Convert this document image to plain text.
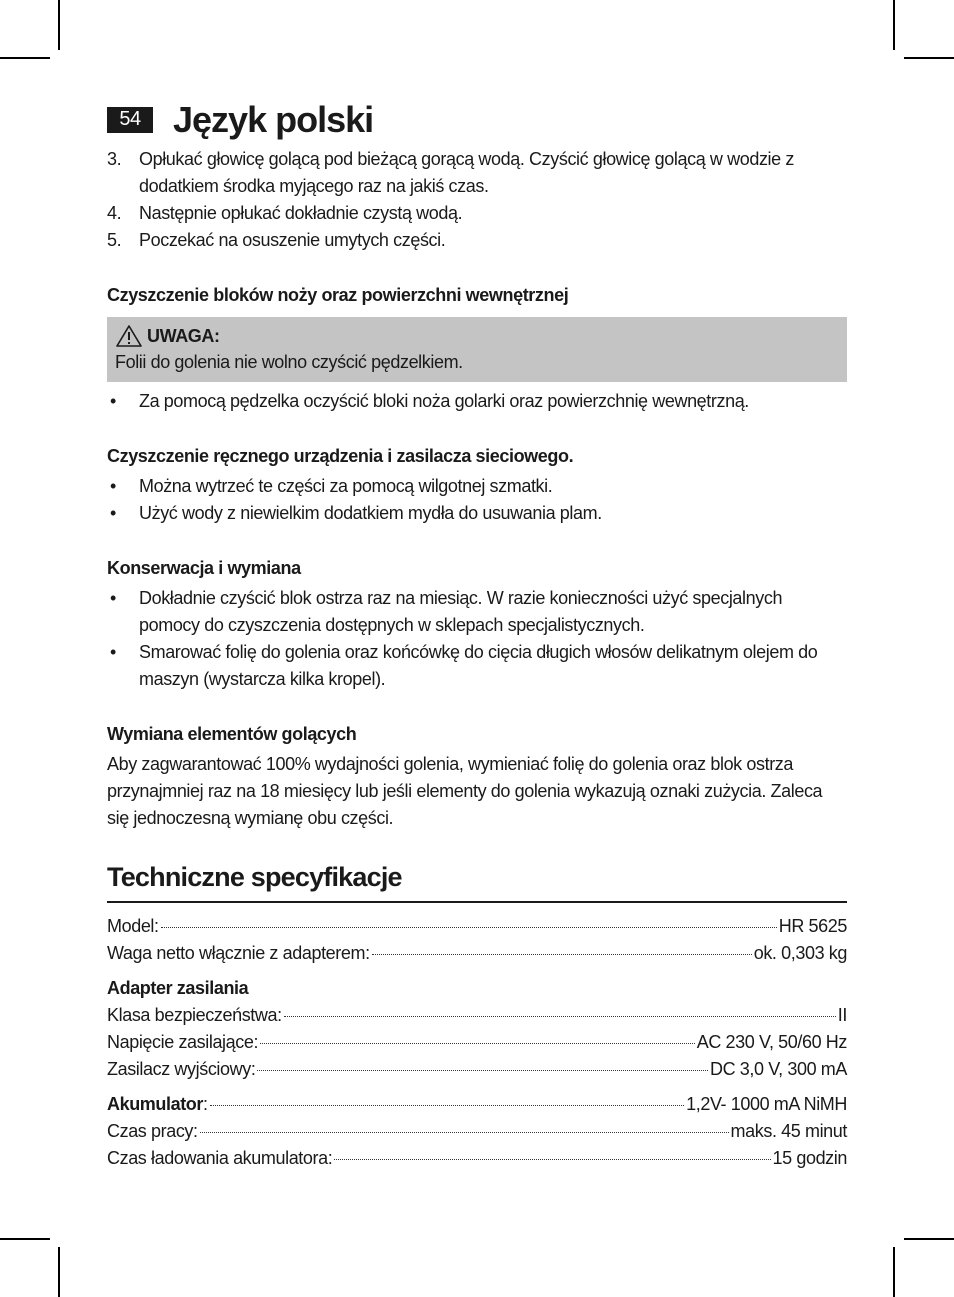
54 Język polski
3. Opłukać głowicę golącą pod bieżącą gorącą wodą. Czyścić głowicę golącą w wodzie z dodatkiem środka myjącego raz na jakiś czas.
4. Następnie opłukać dokładnie czystą wodą.
5. Poczekać na osuszenie umytych części.
Czyszczenie bloków noży oraz powierzchni wewnętrznej
UWAGA:
Folii do golenia nie wolno czyścić pędzelkiem.
•	Za pomocą pędzelka oczyścić bloki noża golarki oraz powierzchnię wewnętrzną.
Czyszczenie ręcznego urządzenia i zasilacza sieciowego.
•	Można wytrzeć te części za pomocą wilgotnej szmatki.
•	Użyć wody z niewielkim dodatkiem mydła do usuwania plam.
Konserwacja i wymiana
•	Dokładnie czyścić blok ostrza raz na miesiąc. W razie konieczności użyć specjalnych pomocy do czyszczenia dostępnych w sklepach specjalistycznych.
•	Smarować folię do golenia oraz końcówkę do cięcia długich włosów delikatnym olejem do maszyn (wystarcza kilka kropel).
Wymiana elementów golących
Aby zagwarantować 100% wydajności golenia, wymieniać folię do golenia oraz blok ostrza przynajmniej raz na 18 miesięcy lub jeśli elementy do golenia wykazują oznaki zużycia. Zaleca się jednoczesną wymianę obu części.
Techniczne specyfikacje
Model:	HR 5625
Waga netto włącznie z adapterem:	ok. 0,303 kg
Adapter zasilania
Klasa bezpieczeństwa:	II
Napięcie zasilające:	AC 230 V, 50/60 Hz
Zasilacz wyjściowy:	DC 3,0 V, 300 mA
Akumulator:	1,2V- 1000 mA NiMH
Czas pracy:	maks. 45 minut
Czas ładowania akumulatora:	15 godzin
